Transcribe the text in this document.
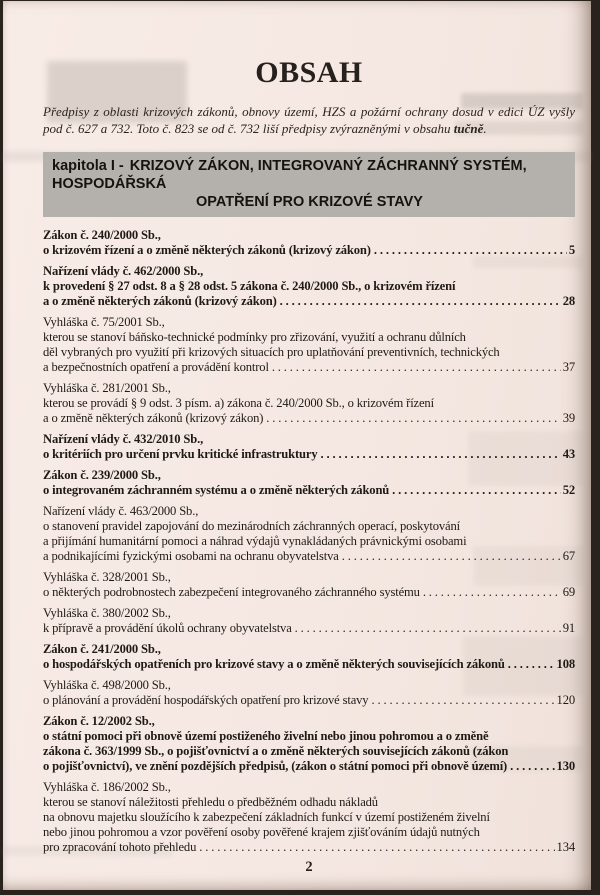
OBSAH

Předpisy z oblasti krizových zákonů, obnovy území, HZS a požární ochrany dosud v edici ÚZ vyšly pod č. 627 a 732. Toto č. 823 se od č. 732 liší předpisy zvýrazněnými v obsahu tučně.

kapitola I - KRIZOVÝ ZÁKON, INTEGROVANÝ ZÁCHRANNÝ SYSTÉM, HOSPODÁŘSKÁ
OPATŘENÍ PRO KRIZOVÉ STAVY
Zákon č. 240/2000 Sb.,
o krizovém řízení a o změně některých zákonů (krizový zákon) . . .	5
Nařízení vlády č. 462/2000 Sb.,
k provedení § 27 odst. 8 a § 28 odst. 5 zákona č. 240/2000 Sb., o krizovém řízení
a o změně některých zákonů (krizový zákon) . . .	28
Vyhláška č. 75/2001 Sb.,
kterou se stanoví báňsko-technické podmínky pro zřizování, využití a ochranu důlních
děl vybraných pro využití při krizových situacích pro uplatňování preventivních, technických
a bezpečnostních opatření a provádění kontrol . . .	37
Vyhláška č. 281/2001 Sb.,
kterou se provádí § 9 odst. 3 písm. a) zákona č. 240/2000 Sb., o krizovém řízení
a o změně některých zákonů (krizový zákon) . . .	39
Nařízení vlády č. 432/2010 Sb.,
o kritériích pro určení prvku kritické infrastruktury . . .	43
Zákon č. 239/2000 Sb.,
o integrovaném záchranném systému a o změně některých zákonů . . .	52
Nařízení vlády č. 463/2000 Sb.,
o stanovení pravidel zapojování do mezinárodních záchranných operací, poskytování
a přijímání humanitární pomoci a náhrad výdajů vynakládaných právnickými osobami
a podnikajícími fyzickými osobami na ochranu obyvatelstva . . .	67
Vyhláška č. 328/2001 Sb.,
o některých podrobnostech zabezpečení integrovaného záchranného systému . . .	69
Vyhláška č. 380/2002 Sb.,
k přípravě a provádění úkolů ochrany obyvatelstva . . .	91
Zákon č. 241/2000 Sb.,
o hospodářských opatřeních pro krizové stavy a o změně některých souvisejících zákonů . . .	108
Vyhláška č. 498/2000 Sb.,
o plánování a provádění hospodářských opatření pro krizové stavy . . .	120
Zákon č. 12/2002 Sb.,
o státní pomoci při obnově území postiženého živelní nebo jinou pohromou a o změně
zákona č. 363/1999 Sb., o pojišťovnictví a o změně některých souvisejících zákonů (zákon
o pojišťovnictví), ve znění pozdějších předpisů, (zákon o státní pomoci při obnově území) . . .	130
Vyhláška č. 186/2002 Sb.,
kterou se stanoví náležitosti přehledu o předběžném odhadu nákladů
na obnovu majetku sloužícího k zabezpečení základních funkcí v území postiženém živelní
nebo jinou pohromou a vzor pověření osoby pověřené krajem zjišťováním údajů nutných
pro zpracování tohoto přehledu . . .	134
2
